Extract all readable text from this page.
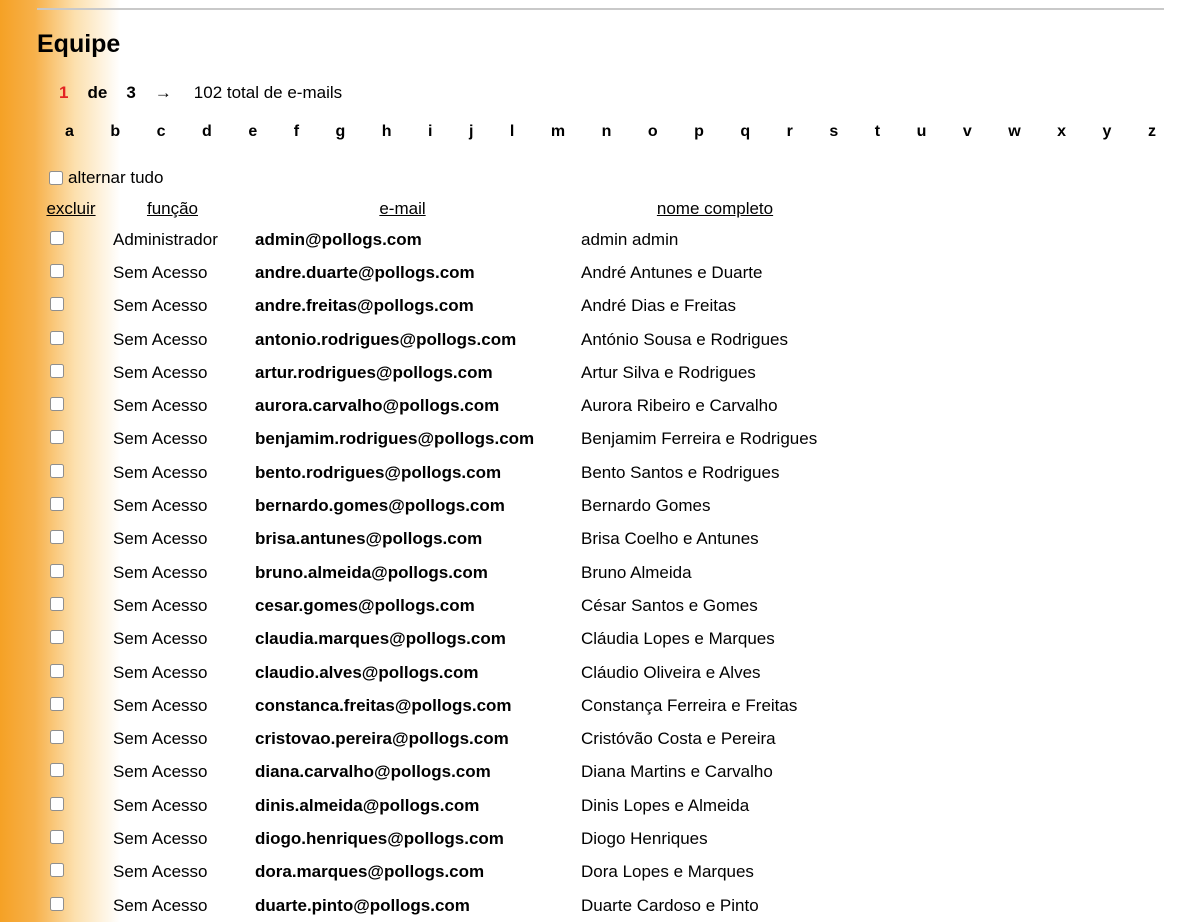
Equipe
1 de 3 → 102 total de e-mails
a b c d e f g h i j l m n o p q r s t u v w x y z
alternar tudo
excluir	função	e-mail	nome completo
	Administrador	admin@pollogs.com	admin admin
	Sem Acesso	andre.duarte@pollogs.com	André Antunes e Duarte
	Sem Acesso	andre.freitas@pollogs.com	André Dias e Freitas
	Sem Acesso	antonio.rodrigues@pollogs.com	António Sousa e Rodrigues
	Sem Acesso	artur.rodrigues@pollogs.com	Artur Silva e Rodrigues
	Sem Acesso	aurora.carvalho@pollogs.com	Aurora Ribeiro e Carvalho
	Sem Acesso	benjamim.rodrigues@pollogs.com	Benjamim Ferreira e Rodrigues
	Sem Acesso	bento.rodrigues@pollogs.com	Bento Santos e Rodrigues
	Sem Acesso	bernardo.gomes@pollogs.com	Bernardo Gomes
	Sem Acesso	brisa.antunes@pollogs.com	Brisa Coelho e Antunes
	Sem Acesso	bruno.almeida@pollogs.com	Bruno Almeida
	Sem Acesso	cesar.gomes@pollogs.com	César Santos e Gomes
	Sem Acesso	claudia.marques@pollogs.com	Cláudia Lopes e Marques
	Sem Acesso	claudio.alves@pollogs.com	Cláudio Oliveira e Alves
	Sem Acesso	constanca.freitas@pollogs.com	Constança Ferreira e Freitas
	Sem Acesso	cristovao.pereira@pollogs.com	Cristóvão Costa e Pereira
	Sem Acesso	diana.carvalho@pollogs.com	Diana Martins e Carvalho
	Sem Acesso	dinis.almeida@pollogs.com	Dinis Lopes e Almeida
	Sem Acesso	diogo.henriques@pollogs.com	Diogo Henriques
	Sem Acesso	dora.marques@pollogs.com	Dora Lopes e Marques
	Sem Acesso	duarte.pinto@pollogs.com	Duarte Cardoso e Pinto
